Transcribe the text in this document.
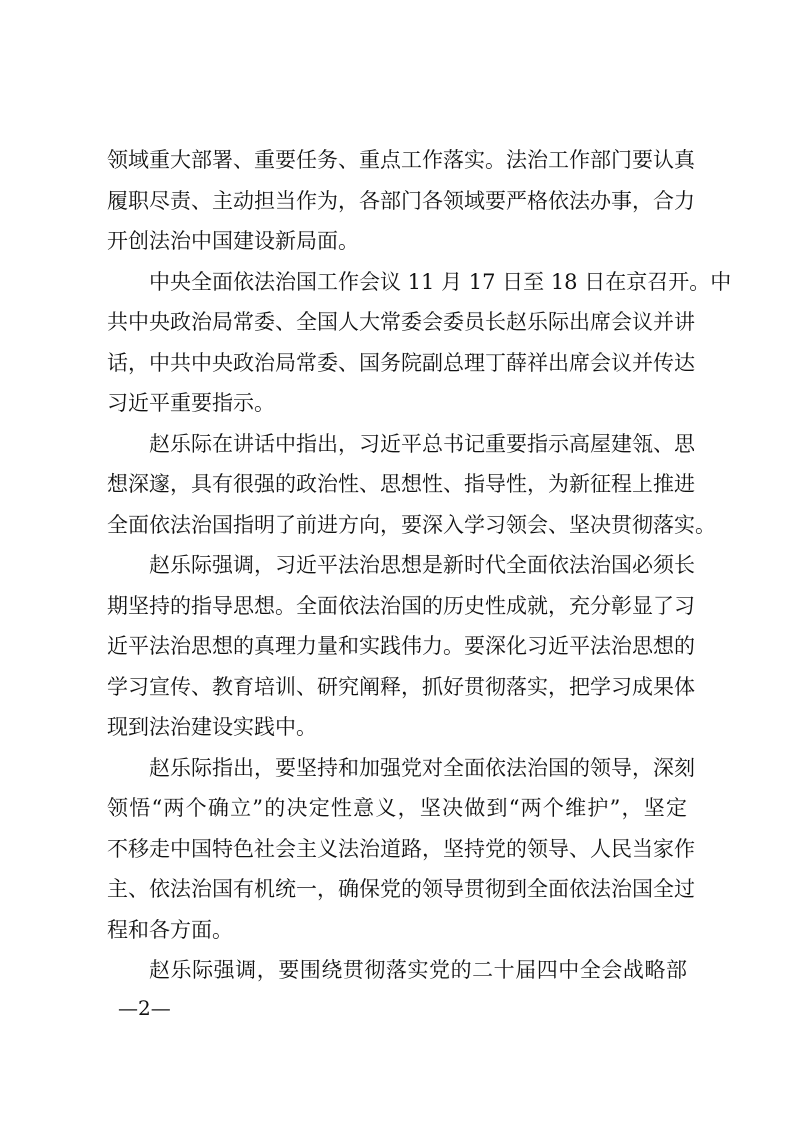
领域重大部署、重要任务、重点工作落实。法治工作部门要认真
履职尽责、主动担当作为，各部门各领域要严格依法办事，合力
开创法治中国建设新局面。
中央全面依法治国工作会议 11 月 17 日至 18 日在京召开。中
共中央政治局常委、全国人大常委会委员长赵乐际出席会议并讲
话，中共中央政治局常委、国务院副总理丁薛祥出席会议并传达
习近平重要指示。
赵乐际在讲话中指出，习近平总书记重要指示高屋建瓴、思
想深邃，具有很强的政治性、思想性、指导性，为新征程上推进
全面依法治国指明了前进方向，要深入学习领会、坚决贯彻落实。
赵乐际强调，习近平法治思想是新时代全面依法治国必须长
期坚持的指导思想。全面依法治国的历史性成就，充分彰显了习
近平法治思想的真理力量和实践伟力。要深化习近平法治思想的
学习宣传、教育培训、研究阐释，抓好贯彻落实，把学习成果体
现到法治建设实践中。
赵乐际指出，要坚持和加强党对全面依法治国的领导，深刻
领悟“两个确立”的决定性意义，坚决做到“两个维护”，坚定
不移走中国特色社会主义法治道路，坚持党的领导、人民当家作
主、依法治国有机统一，确保党的领导贯彻到全面依法治国全过
程和各方面。
赵乐际强调，要围绕贯彻落实党的二十届四中全会战略部
—2—
